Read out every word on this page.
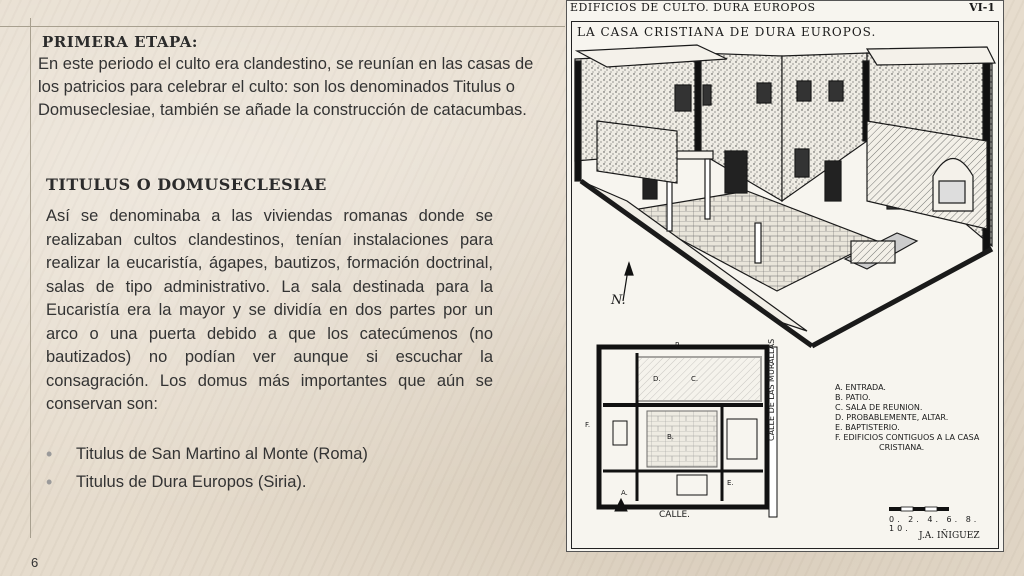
PRIMERA ETAPA:

En este periodo el culto era clandestino, se reunían en las casas de los patricios para celebrar el culto: son los denominados Titulus o Domuseclesiae, también se añade la construcción de catacumbas.

TITULUS O DOMUSECLESIAE

Así se denominaba a las viviendas romanas donde se realizaban cultos clandestinos, tenían instalaciones para realizar la eucaristía, ágapes, bautizos, formación doctrinal, salas de tipo administrativo. La sala destinada para la Eucaristía era la mayor y se dividía en dos partes por un arco o una puerta debido a que los catecúmenos (no bautizados) no podían ver aunque si escuchar la consagración. Los domus más importantes que aún se conservan son:

• Titulus de San Martino al Monte (Roma)
• Titulus de Dura Europos (Siria).
6
EDIFICIOS DE CULTO. DURA EUROPOS	VI-1
LA CASA CRISTIANA DE DURA EUROPOS.
N.
P.
D.	C.
F.
B.
E.
A.
A. ENTRADA.
B. PATIO.
C. SALA DE REUNION.
D. PROBABLEMENTE, ALTAR.
E. BAPTISTERIO.
F. EDIFICIOS CONTIGUOS A LA CASA
CRISTIANA.
CALLE.
CALLE DE LAS MURALLAS
0. 2. 4. 6. 8. 10.
J.A. IÑIGUEZ
